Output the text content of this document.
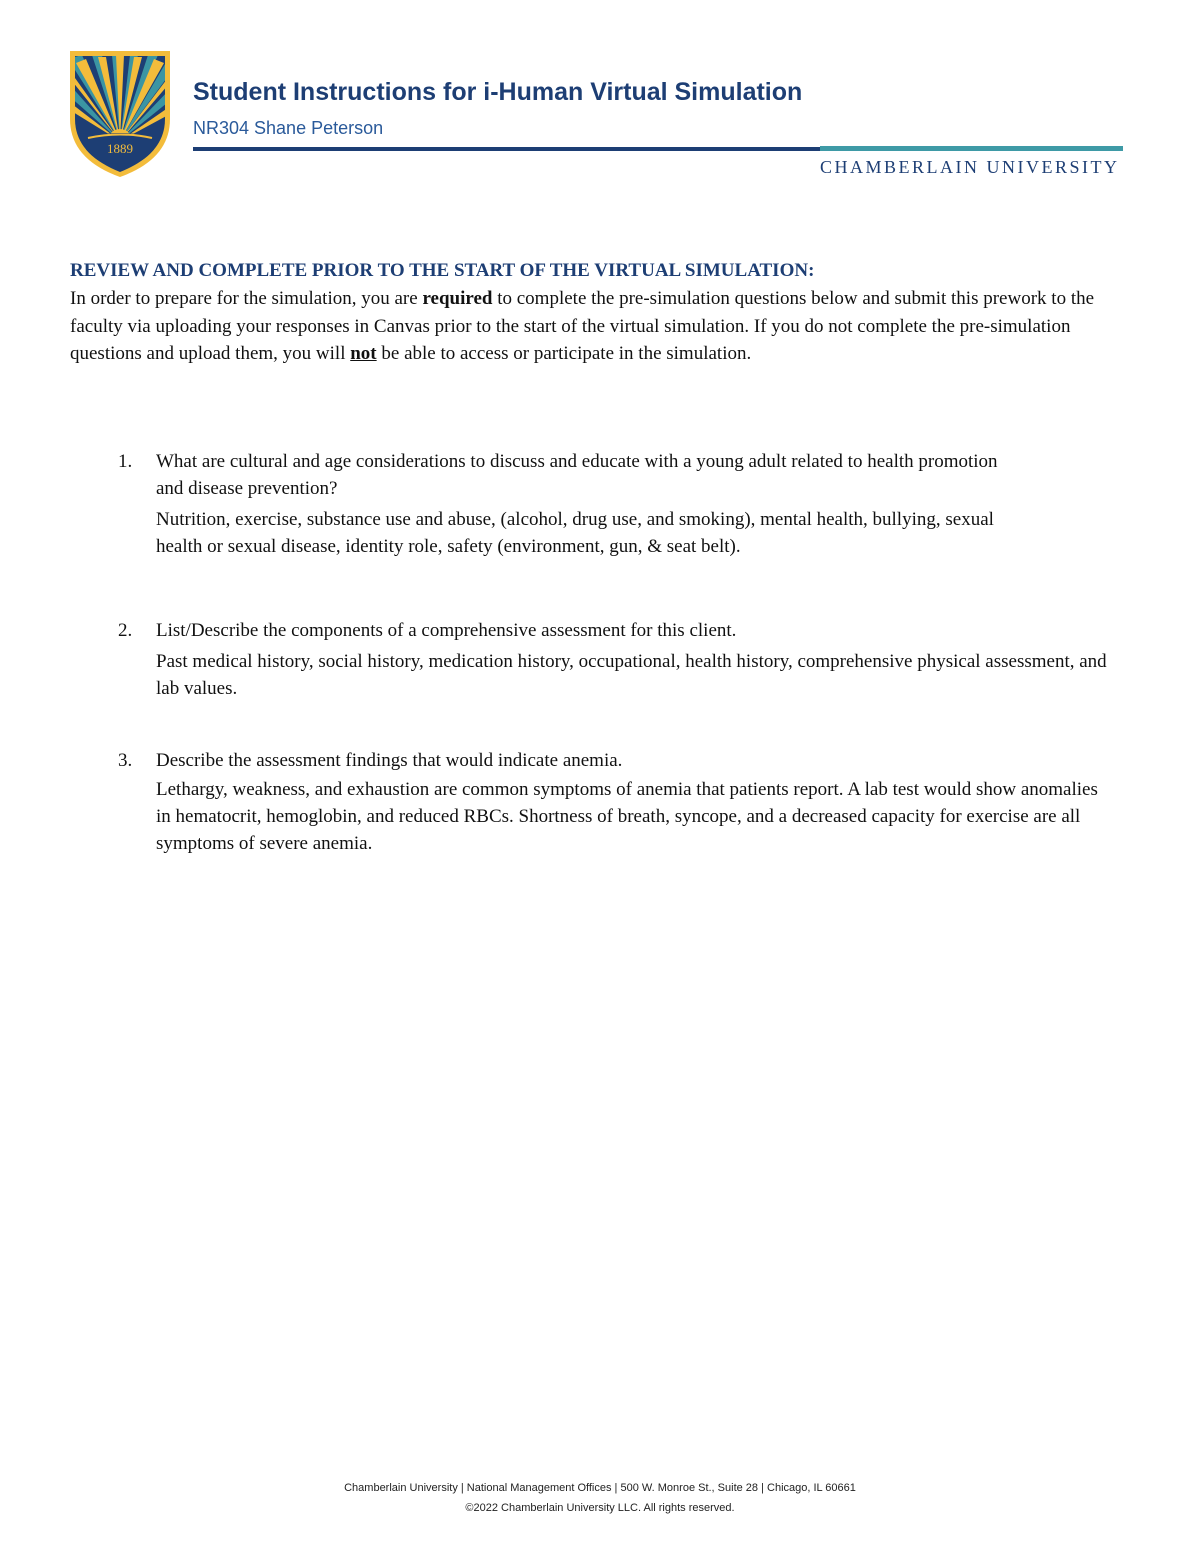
1889
Student Instructions for i-Human Virtual Simulation
NR304 Shane Peterson
CHAMBERLAIN UNIVERSITY
REVIEW AND COMPLETE PRIOR TO THE START OF THE VIRTUAL SIMULATION:
In order to prepare for the simulation, you are required to complete the pre-simulation questions below and submit this prework to the faculty via uploading your responses in Canvas prior to the start of the virtual simulation. If you do not complete the pre-simulation questions and upload them, you will not be able to access or participate in the simulation.
1. What are cultural and age considerations to discuss and educate with a young adult related to health promotion and disease prevention?
Nutrition, exercise, substance use and abuse, (alcohol, drug use, and smoking), mental health, bullying, sexual health or sexual disease, identity role, safety (environment, gun, & seat belt).
2. List/Describe the components of a comprehensive assessment for this client.
Past medical history, social history, medication history, occupational, health history, comprehensive physical assessment, and lab values.
3. Describe the assessment findings that would indicate anemia.
Lethargy, weakness, and exhaustion are common symptoms of anemia that patients report. A lab test would show anomalies in hematocrit, hemoglobin, and reduced RBCs. Shortness of breath, syncope, and a decreased capacity for exercise are all symptoms of severe anemia.
Chamberlain University | National Management Offices | 500 W. Monroe St., Suite 28 | Chicago, IL 60661
©2022 Chamberlain University LLC. All rights reserved.
